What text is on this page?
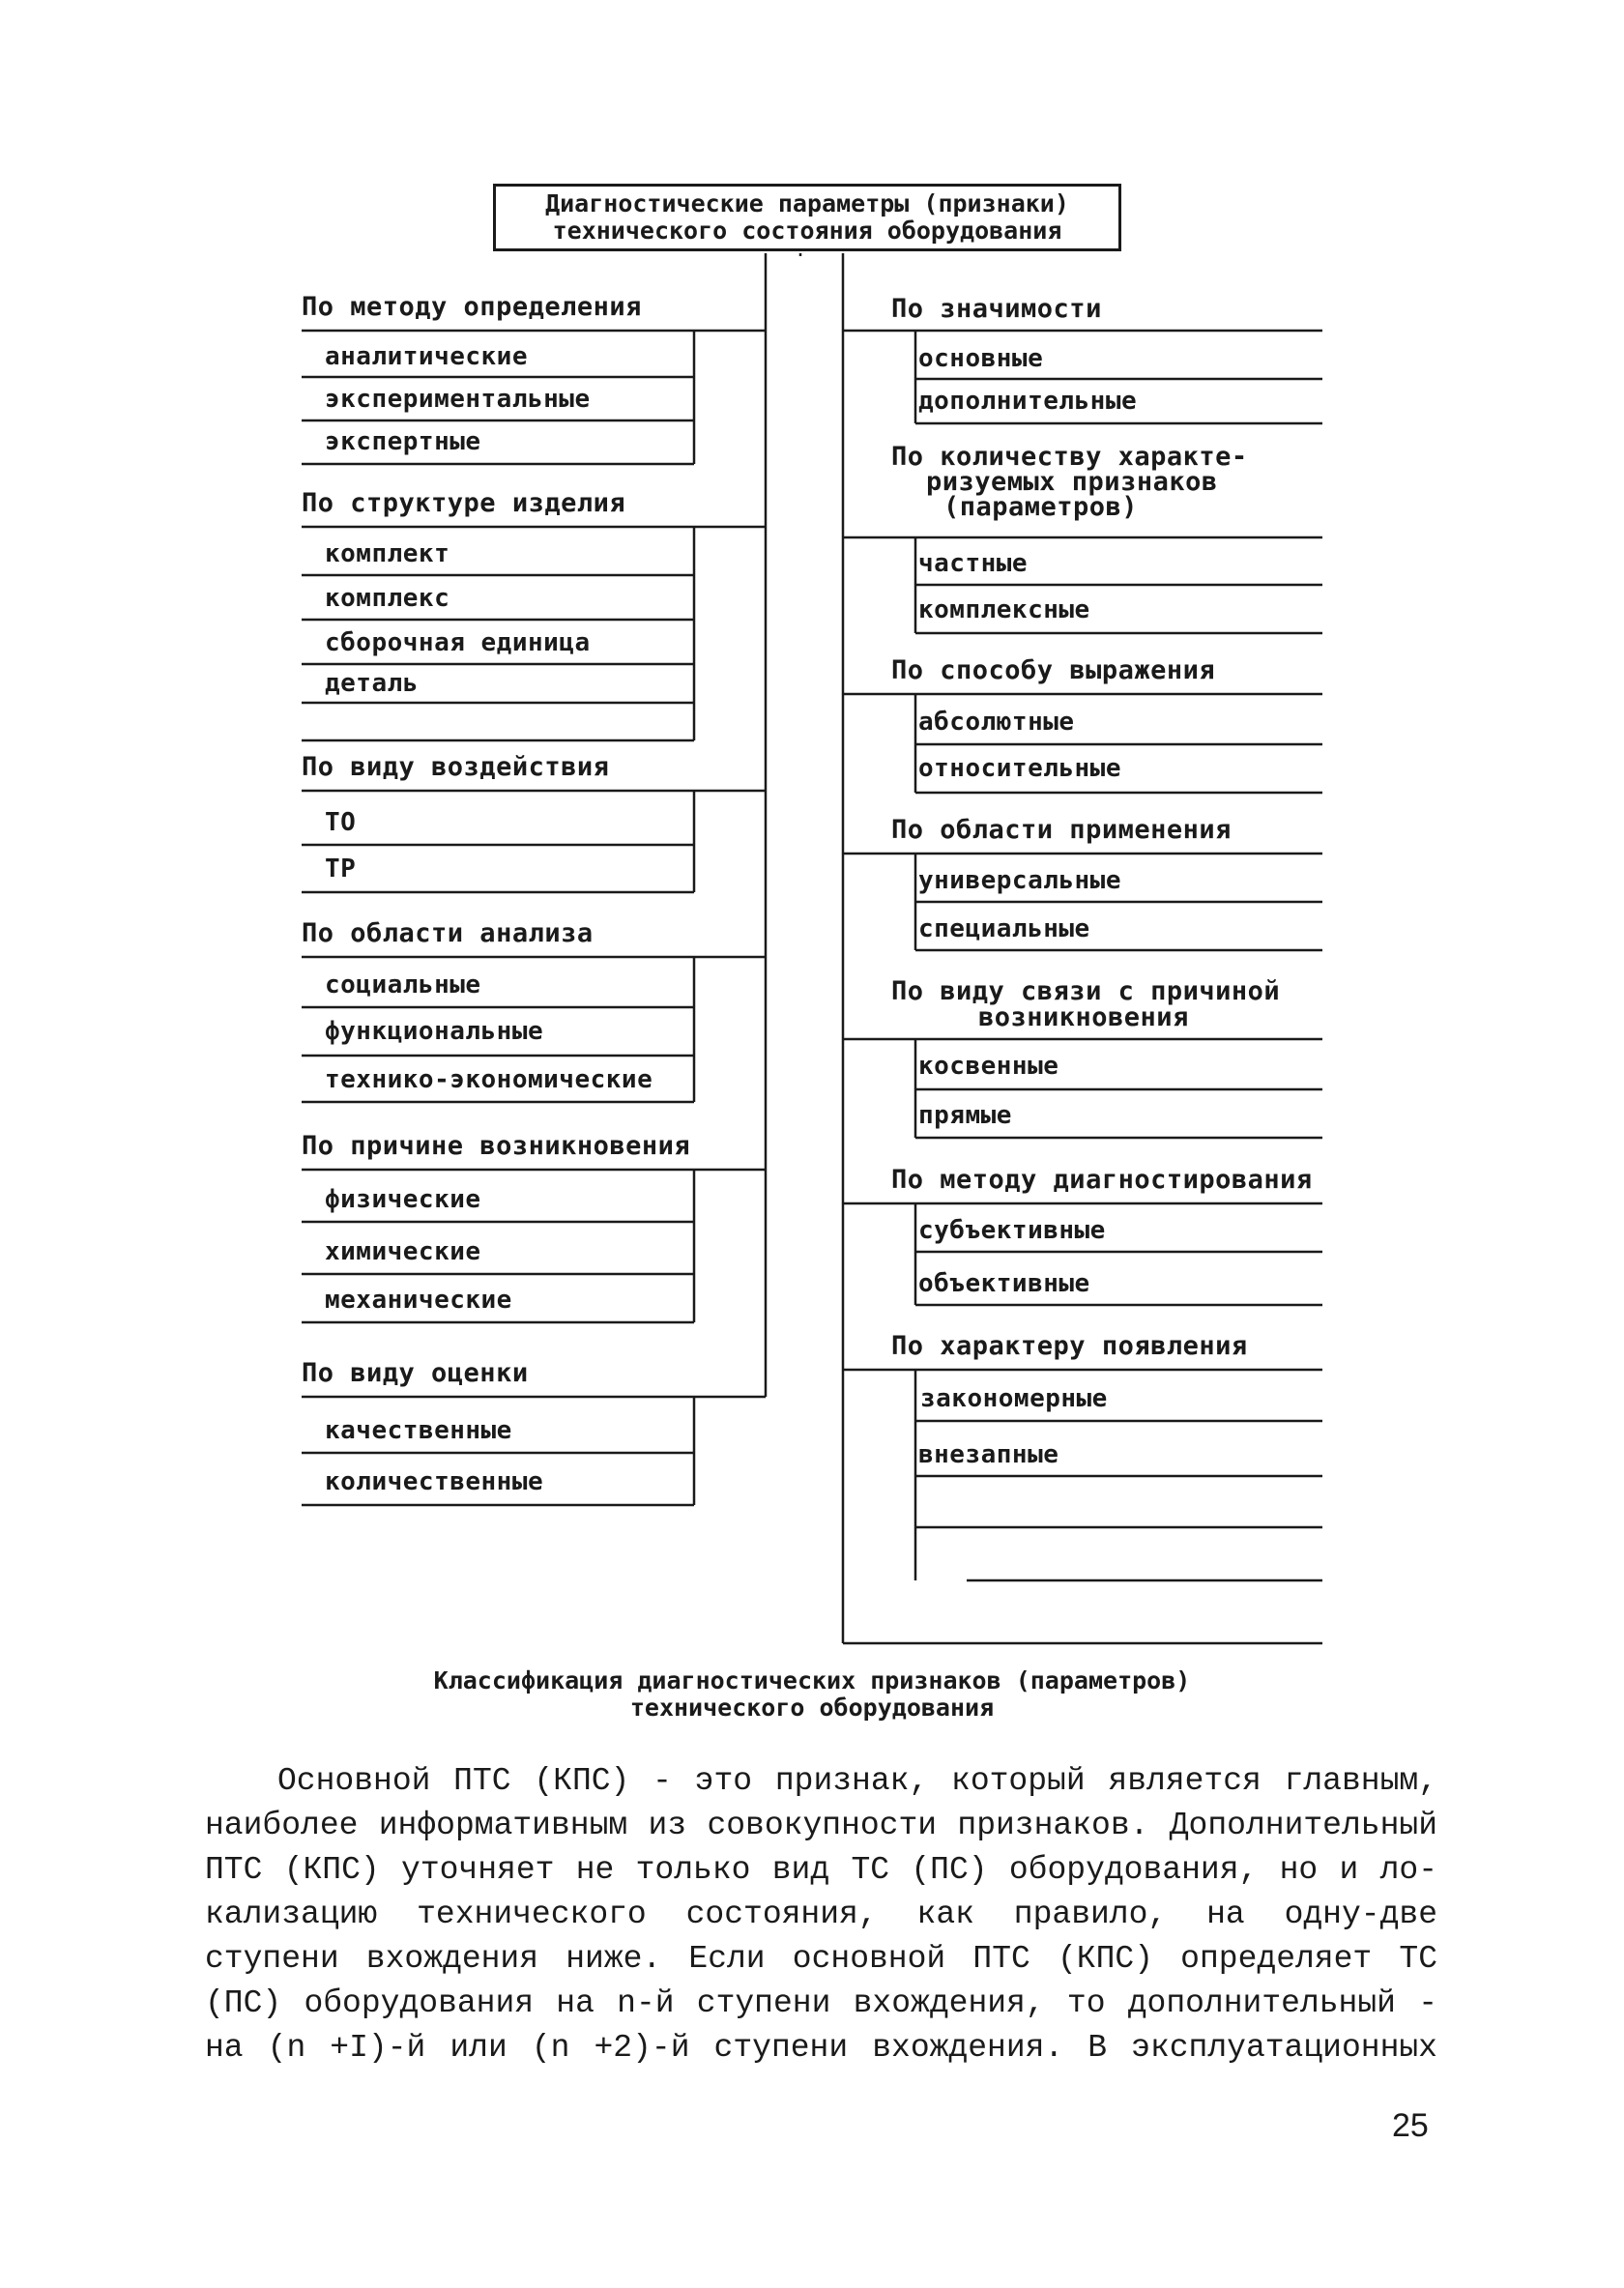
Диагностические параметры (признаки)
технического состояния оборудования
По методу определения
аналитические
экспериментальные
экспертные
По структуре изделия
комплект
комплекс
сборочная единица
деталь
По виду воздействия
ТО
ТР
По области анализа
социальные
функциональные
технико-экономические
По причине возникновения
физические
химические
механические
По виду оценки
качественные
количественные
По значимости
основные
дополнительные
По количеству характе-
ризуемых признаков
(параметров)
частные
комплексные
По способу выражения
абсолютные
относительные
По области применения
универсальные
специальные
По виду связи с причиной
возникновения
косвенные
прямые
По методу диагностирования
субъективные
объективные
По характеру появления
закономерные
внезапные
Классификация диагностических признаков (параметров)
технического оборудования
Основной ПТС (КПС) - это признак, который является главным,
наиболее информативным из совокупности признаков. Дополнительный
ПТС (КПС) уточняет не только вид ТС (ПС) оборудования, но и ло-
кализацию технического состояния, как правило, на одну-две
ступени вхождения ниже. Если основной ПТС (КПС) определяет ТС
(ПС) оборудования на n-й ступени вхождения, то дополнительный -
на (n +I)-й или (n +2)-й ступени вхождения. В эксплуатационных
25
